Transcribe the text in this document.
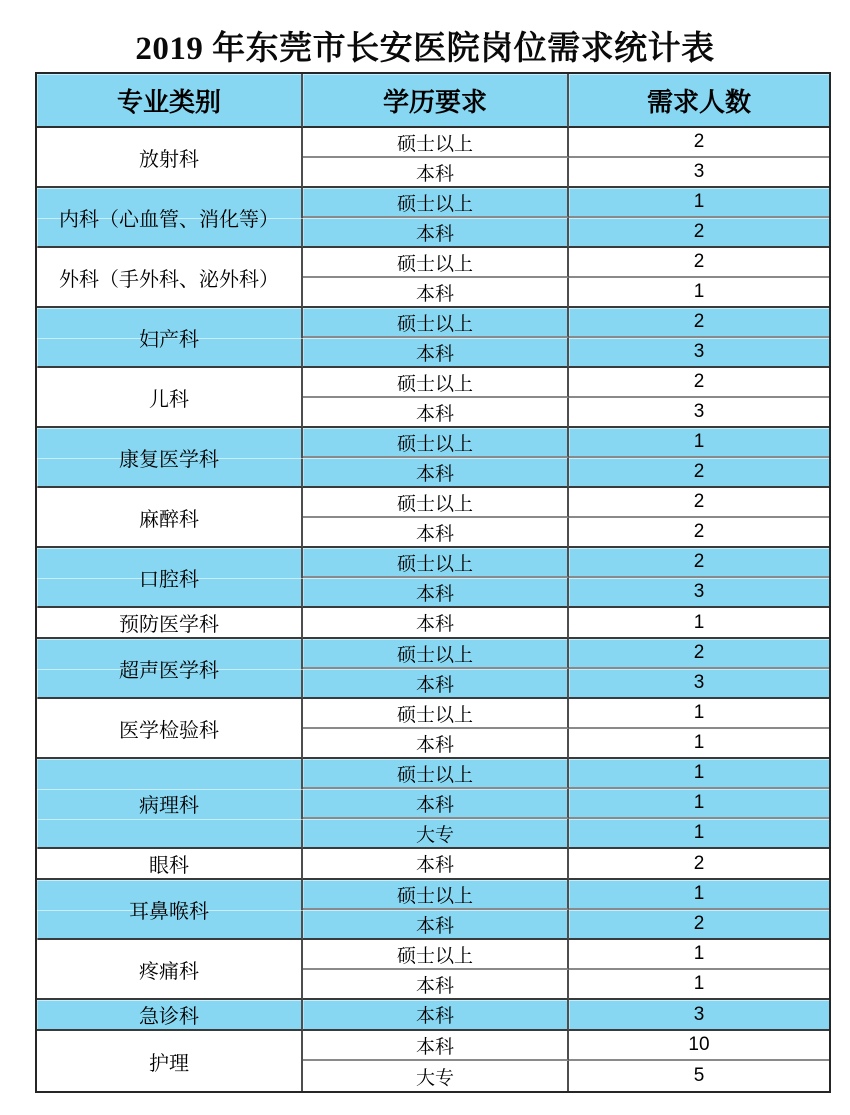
2019 年东莞市长安医院岗位需求统计表
专业类别	学历要求	需求人数
放射科	硕士以上	2
	本科	3
内科（心血管、消化等）	硕士以上	1
	本科	2
外科（手外科、泌外科）	硕士以上	2
	本科	1
妇产科	硕士以上	2
	本科	3
儿科	硕士以上	2
	本科	3
康复医学科	硕士以上	1
	本科	2
麻醉科	硕士以上	2
	本科	2
口腔科	硕士以上	2
	本科	3
预防医学科	本科	1
超声医学科	硕士以上	2
	本科	3
医学检验科	硕士以上	1
	本科	1
病理科	硕士以上	1
	本科	1
	大专	1
眼科	本科	2
耳鼻喉科	硕士以上	1
	本科	2
疼痛科	硕士以上	1
	本科	1
急诊科	本科	3
护理	本科	10
	大专	5
